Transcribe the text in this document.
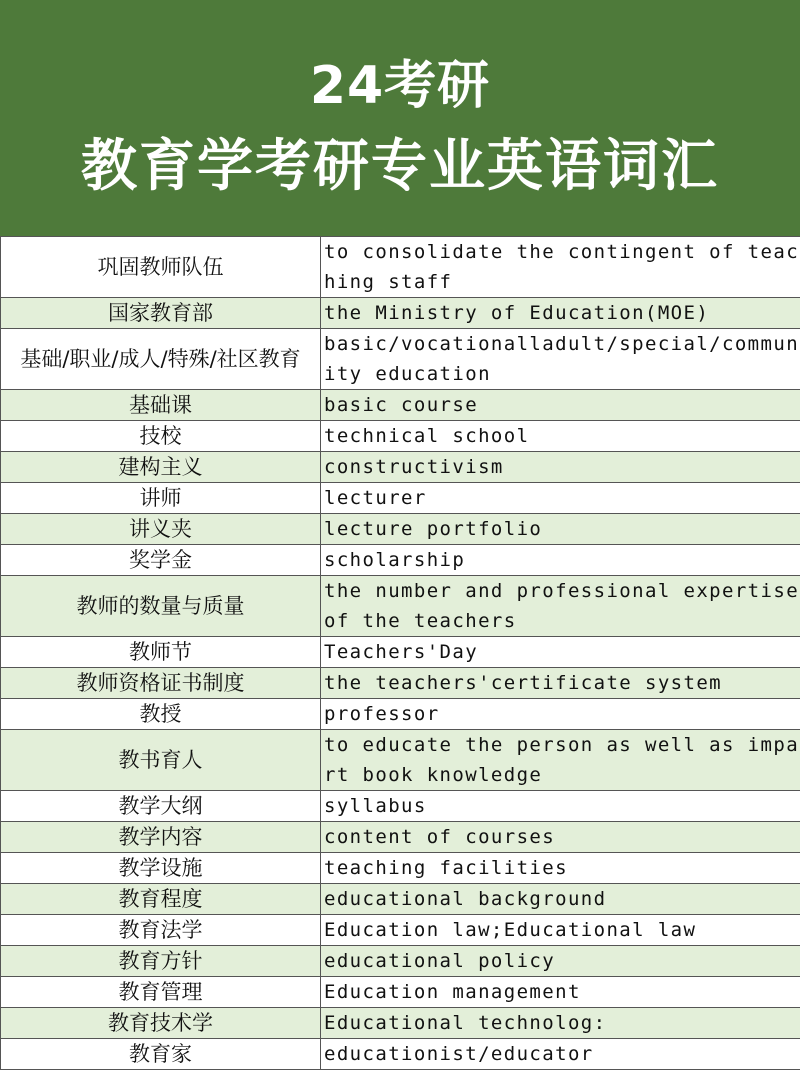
24考研
教育学考研专业英语词汇
巩固教师队伍	to consolidate the contingent of teaching staff
国家教育部	the Ministry of Education(MOE)
基础/职业/成人/特殊/社区教育	basic/vocationalladult/special/community education
基础课	basic course
技校	technical school
建构主义	constructivism
讲师	lecturer
讲义夹	lecture portfolio
奖学金	scholarship
教师的数量与质量	the number and professional expertise of the teachers
教师节	Teachers'Day
教师资格证书制度	the teachers'certificate system
教授	professor
教书育人	to educate the person as well as impart book knowledge
教学大纲	syllabus
教学内容	content of courses
教学设施	teaching facilities
教育程度	educational background
教育法学	Education law;Educational law
教育方针	educational policy
教育管理	Education management
教育技术学	Educational technolog:
教育家	educationist/educator
